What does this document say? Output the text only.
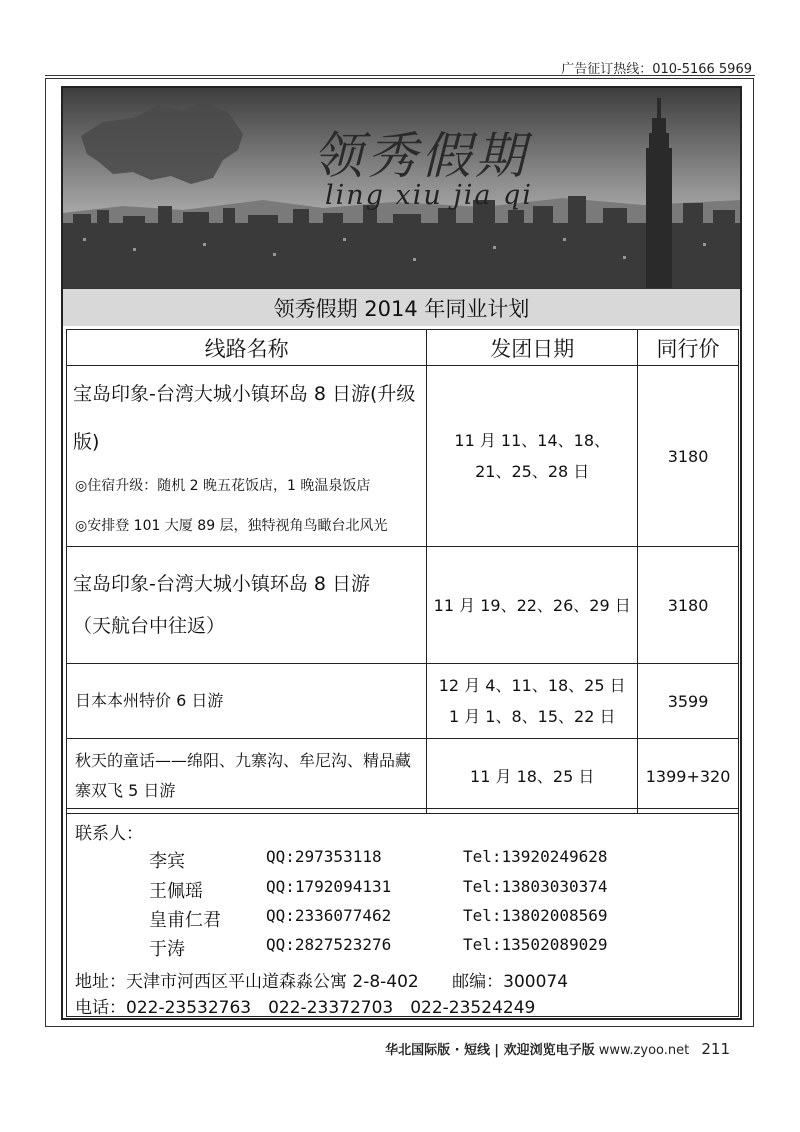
广告征订热线：010-5166 5969
领秀假期
ling xiu jia qi
领秀假期 2014 年同业计划
线路名称	发团日期	同行价

宝岛印象-台湾大城小镇环岛 8 日游(升级版)
◎住宿升级：随机 2 晚五花饭店，1 晚温泉饭店
◎安排登 101 大厦 89 层，独特视角鸟瞰台北风光	11 月 11、14、18、21、25、28 日	3180

宝岛印象-台湾大城小镇环岛 8 日游
（天航台中往返）	11 月 19、22、26、29 日	3180
日本本州特价 6 日游	12 月 4、11、18、25 日
1 月 1、8、15、22 日	3599
秋天的童话——绵阳、九寨沟、牟尼沟、精品藏寨双飞 5 日游	11 月 18、25 日	1399+320
联系人：
李宾	QQ:297353118	Tel:13920249628
王佩瑶	QQ:1792094131	Tel:13803030374
皇甫仁君	QQ:2336077462	Tel:13802008569
于涛	QQ:2827523276	Tel:13502089029
地址：天津市河西区平山道森淼公寓 2-8-402 邮编：300074
电话：022-23532763　022-23372703　022-23524249
华北国际版 · 短线 | 欢迎浏览电子版 www.zyoo.net 211
